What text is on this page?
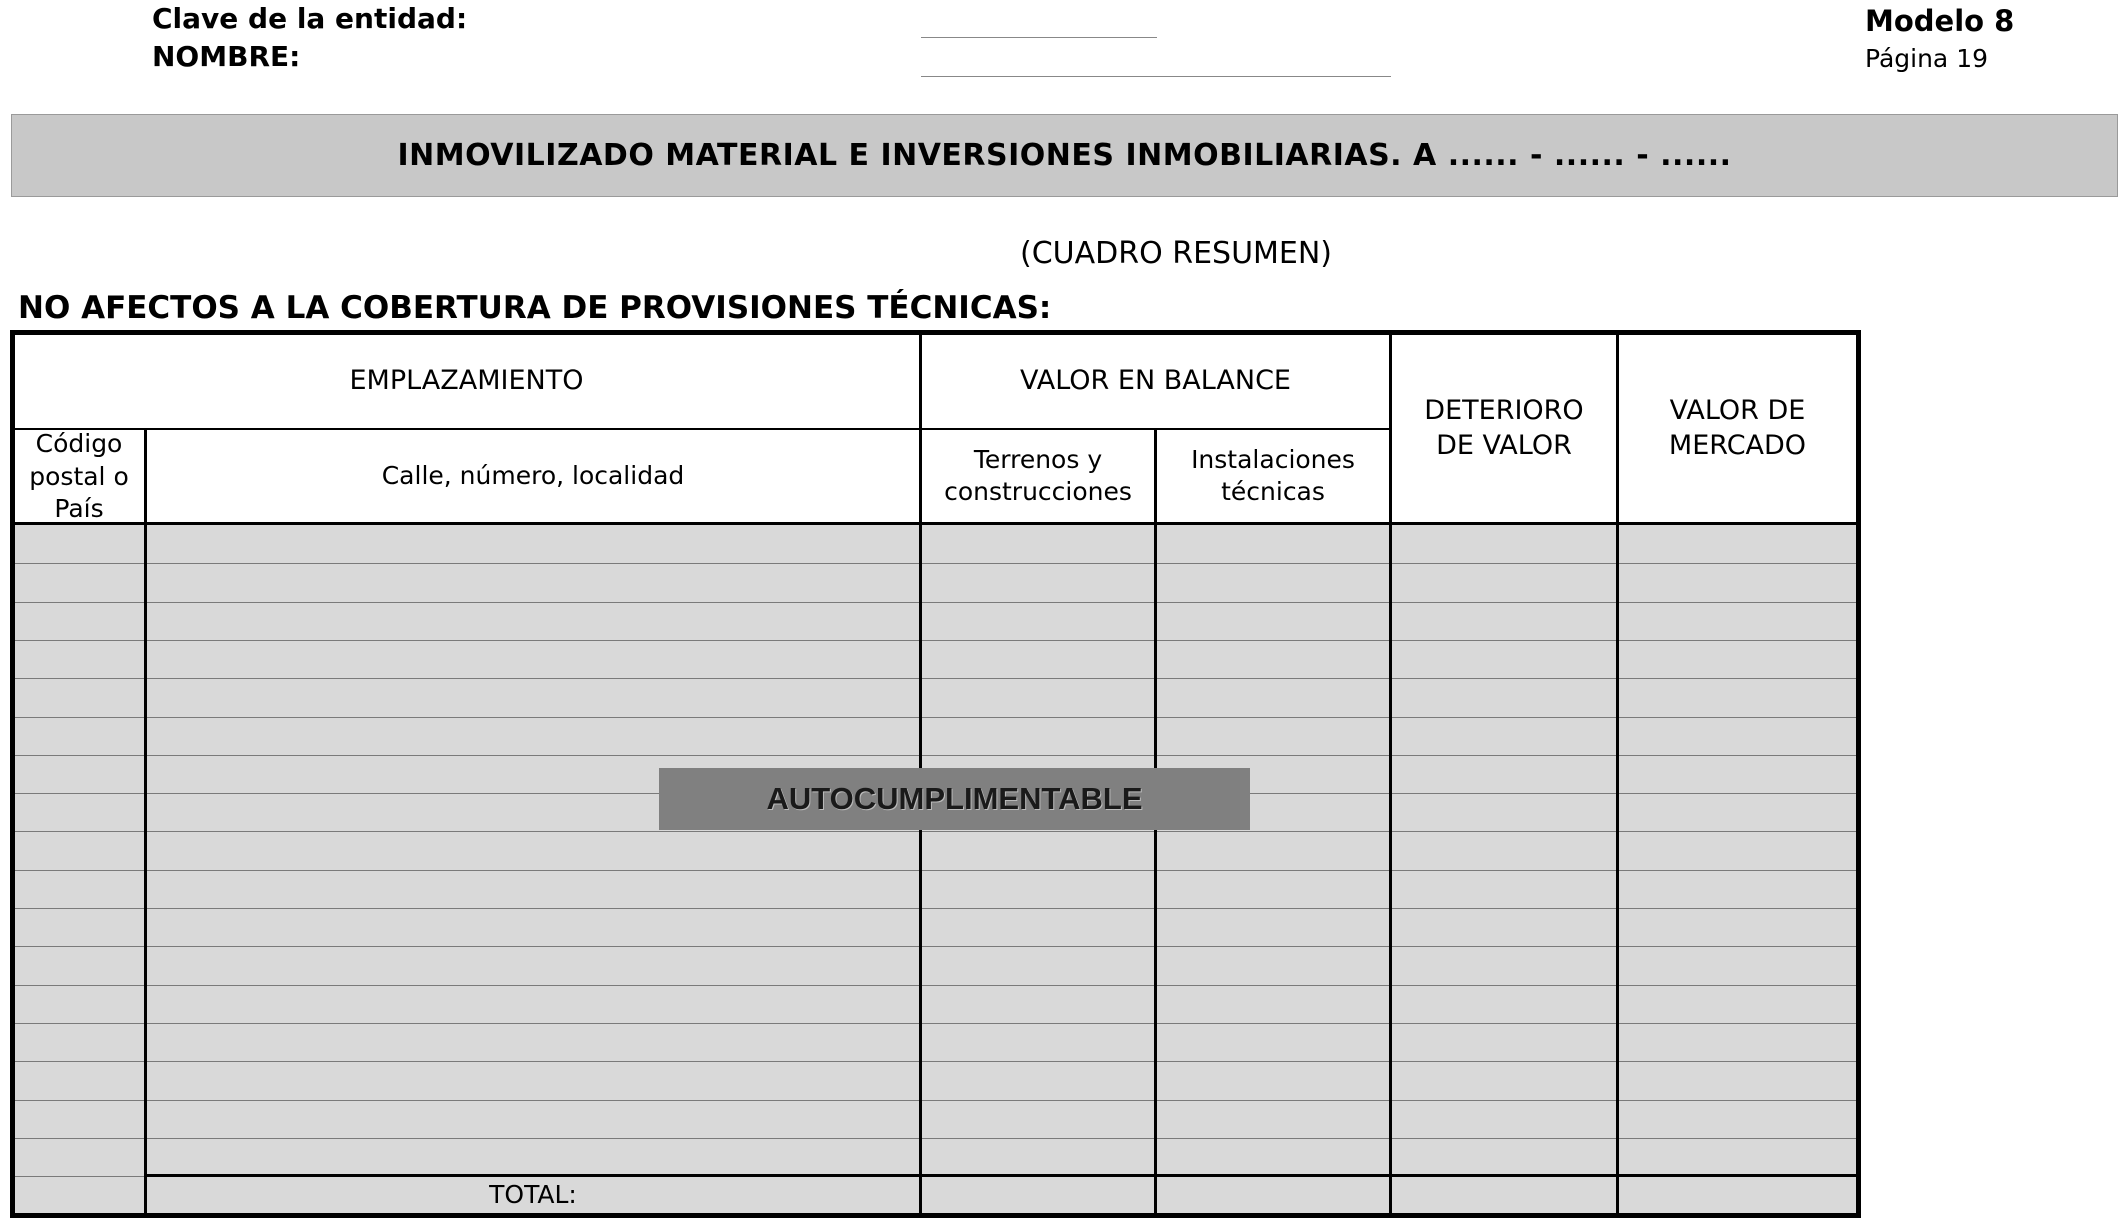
Clave de la entidad:
NOMBRE:
Modelo 8
Página 19
INMOVILIZADO MATERIAL E INVERSIONES INMOBILIARIAS. A ...... - ...... - ......
(CUADRO RESUMEN)
NO AFECTOS A LA COBERTURA DE PROVISIONES TÉCNICAS:
EMPLAZAMIENTO	VALOR EN BALANCE
DETERIORO
DE VALOR
VALOR DE
MERCADO
Código
postal o
País
Calle, número, localidad
Terrenos y
construcciones
Instalaciones
técnicas
TOTAL:
AUTOCUMPLIMENTABLE
